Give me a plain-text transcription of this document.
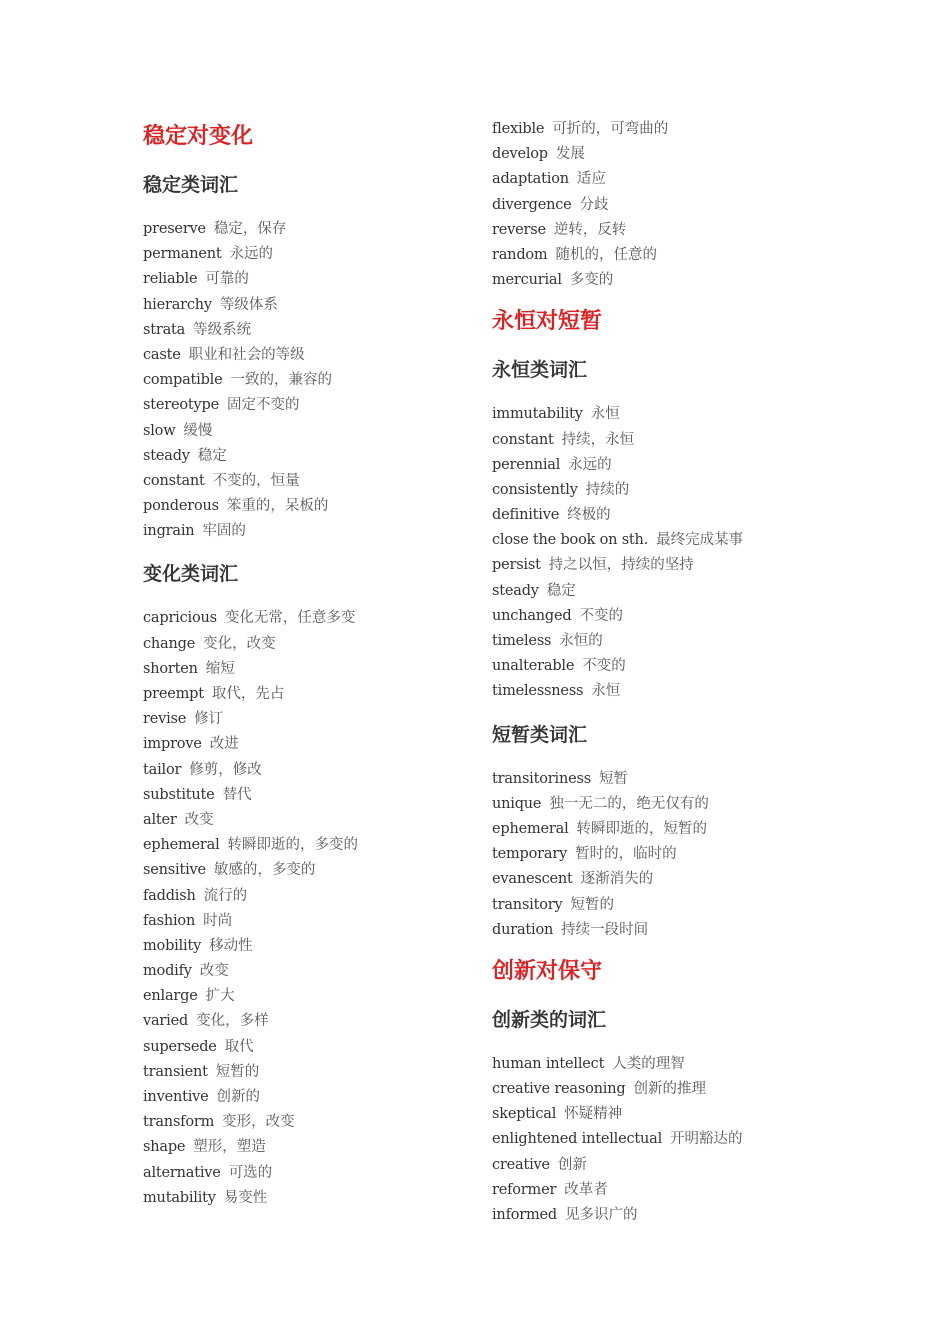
稳定对变化
稳定类词汇
preserve 稳定，保存
permanent 永远的
reliable 可靠的
hierarchy 等级体系
strata 等级系统
caste 职业和社会的等级
compatible 一致的，兼容的
stereotype 固定不变的
slow 缓慢
steady 稳定
constant 不变的，恒量
ponderous 笨重的，呆板的
ingrain 牢固的
变化类词汇
capricious 变化无常，任意多变
change 变化，改变
shorten 缩短
preempt 取代，先占
revise 修订
improve 改进
tailor 修剪，修改
substitute 替代
alter 改变
ephemeral 转瞬即逝的，多变的
sensitive 敏感的，多变的
faddish 流行的
fashion 时尚
mobility 移动性
modify 改变
enlarge 扩大
varied 变化，多样
supersede 取代
transient 短暂的
inventive 创新的
transform 变形，改变
shape 塑形，塑造
alternative 可选的
mutability 易变性
flexible 可折的，可弯曲的
develop 发展
adaptation 适应
divergence 分歧
reverse 逆转，反转
random 随机的，任意的
mercurial 多变的
永恒对短暂
永恒类词汇
immutability 永恒
constant 持续，永恒
perennial 永远的
consistently 持续的
definitive 终极的
close the book on sth. 最终完成某事
persist 持之以恒，持续的坚持
steady 稳定
unchanged 不变的
timeless 永恒的
unalterable 不变的
timelessness 永恒
短暂类词汇
transitoriness 短暂
unique 独一无二的，绝无仅有的
ephemeral 转瞬即逝的，短暂的
temporary 暂时的，临时的
evanescent 逐渐消失的
transitory 短暂的
duration 持续一段时间
创新对保守
创新类的词汇
human intellect 人类的理智
creative reasoning 创新的推理
skeptical 怀疑精神
enlightened intellectual 开明豁达的
creative 创新
reformer 改革者
informed 见多识广的
